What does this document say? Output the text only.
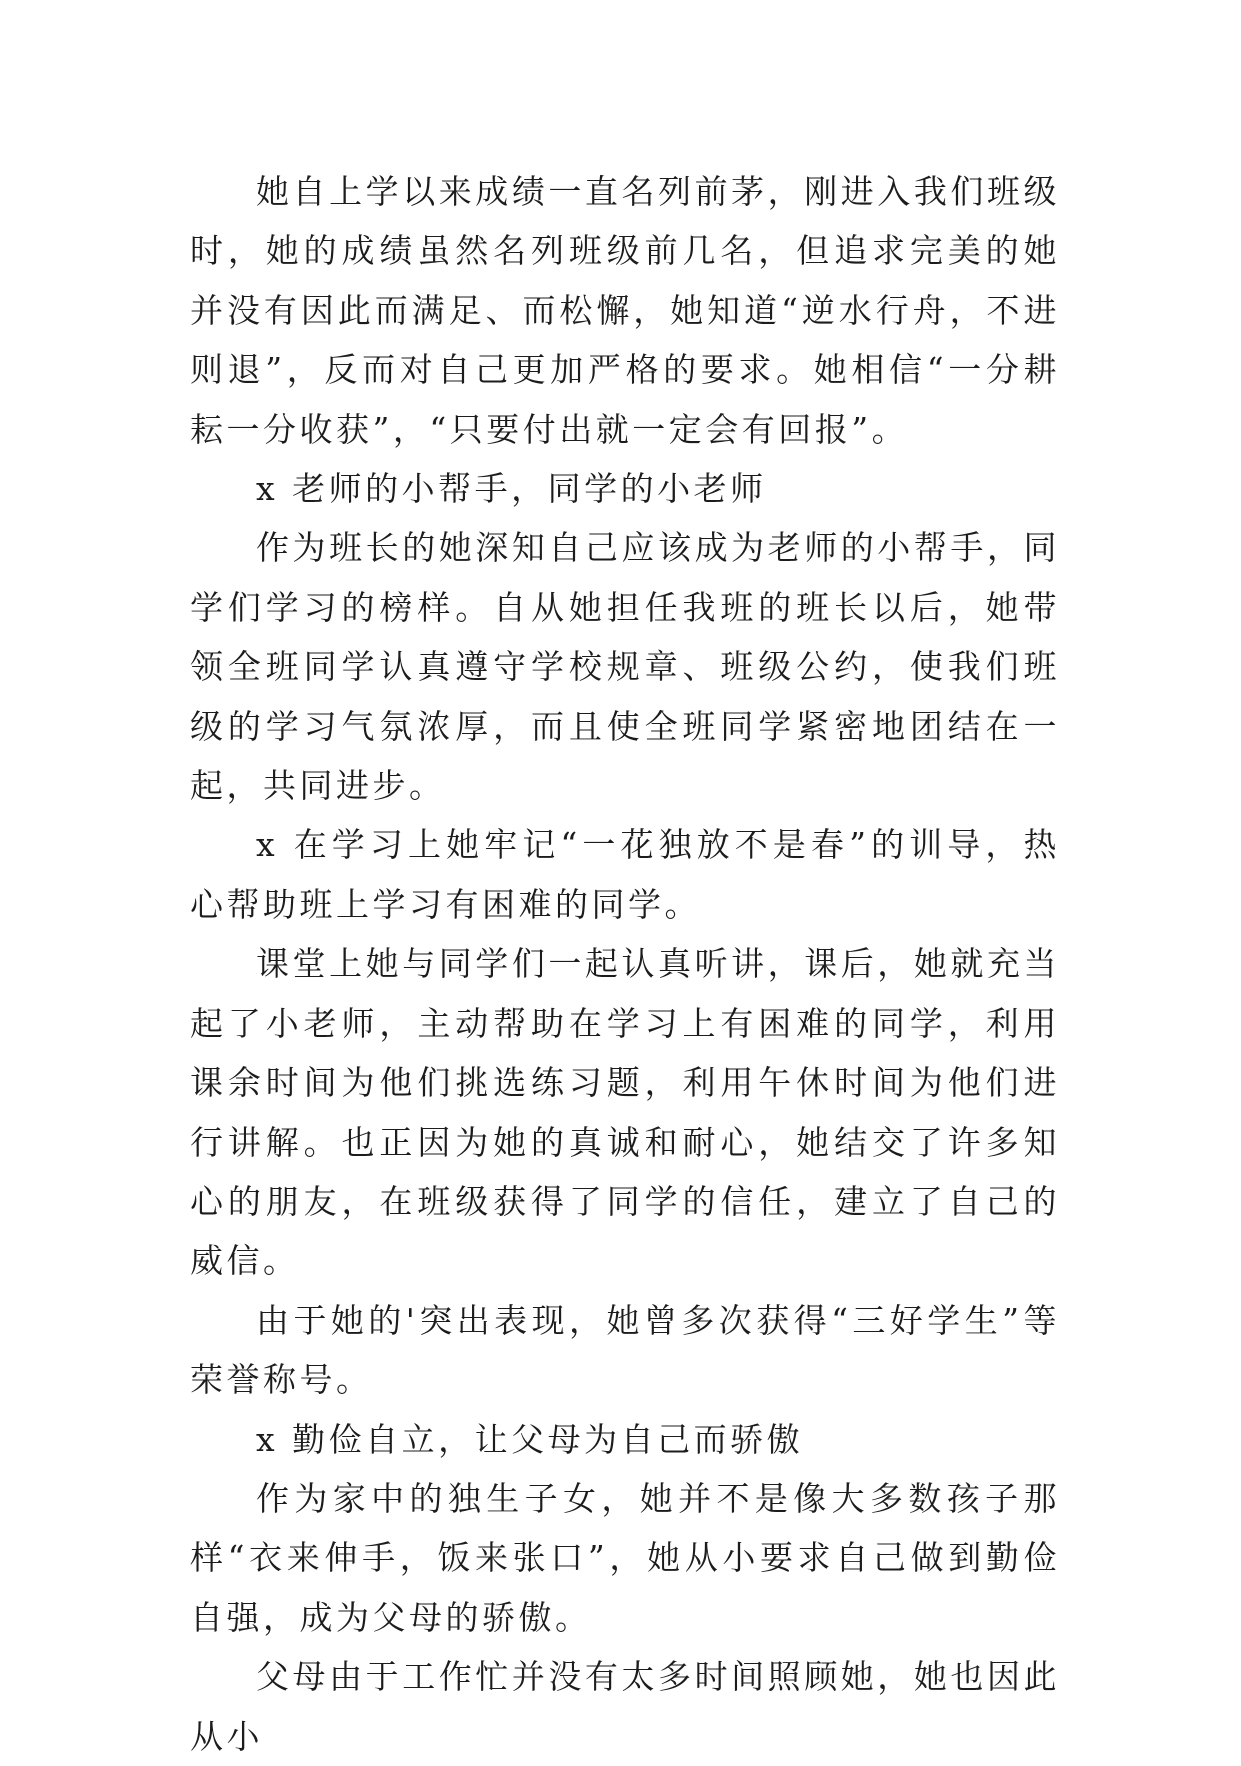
她自上学以来成绩一直名列前茅，刚进入我们班级时，她的成绩虽然名列班级前几名，但追求完美的她并没有因此而满足、而松懈，她知道“逆水行舟，不进则退”，反而对自己更加严格的要求。她相信“一分耕耘一分收获”，“只要付出就一定会有回报”。

x 老师的小帮手，同学的小老师

作为班长的她深知自己应该成为老师的小帮手，同学们学习的榜样。自从她担任我班的班长以后，她带领全班同学认真遵守学校规章、班级公约，使我们班级的学习气氛浓厚，而且使全班同学紧密地团结在一起，共同进步。

x 在学习上她牢记“一花独放不是春”的训导，热心帮助班上学习有困难的同学。

课堂上她与同学们一起认真听讲，课后，她就充当起了小老师，主动帮助在学习上有困难的同学，利用课余时间为他们挑选练习题，利用午休时间为他们进行讲解。也正因为她的真诚和耐心，她结交了许多知心的朋友，在班级获得了同学的信任，建立了自己的威信。

由于她的'突出表现，她曾多次获得“三好学生”等荣誉称号。

x 勤俭自立，让父母为自己而骄傲

作为家中的独生子女，她并不是像大多数孩子那样“衣来伸手，饭来张口”，她从小要求自己做到勤俭自强，成为父母的骄傲。

父母由于工作忙并没有太多时间照顾她，她也因此从小
